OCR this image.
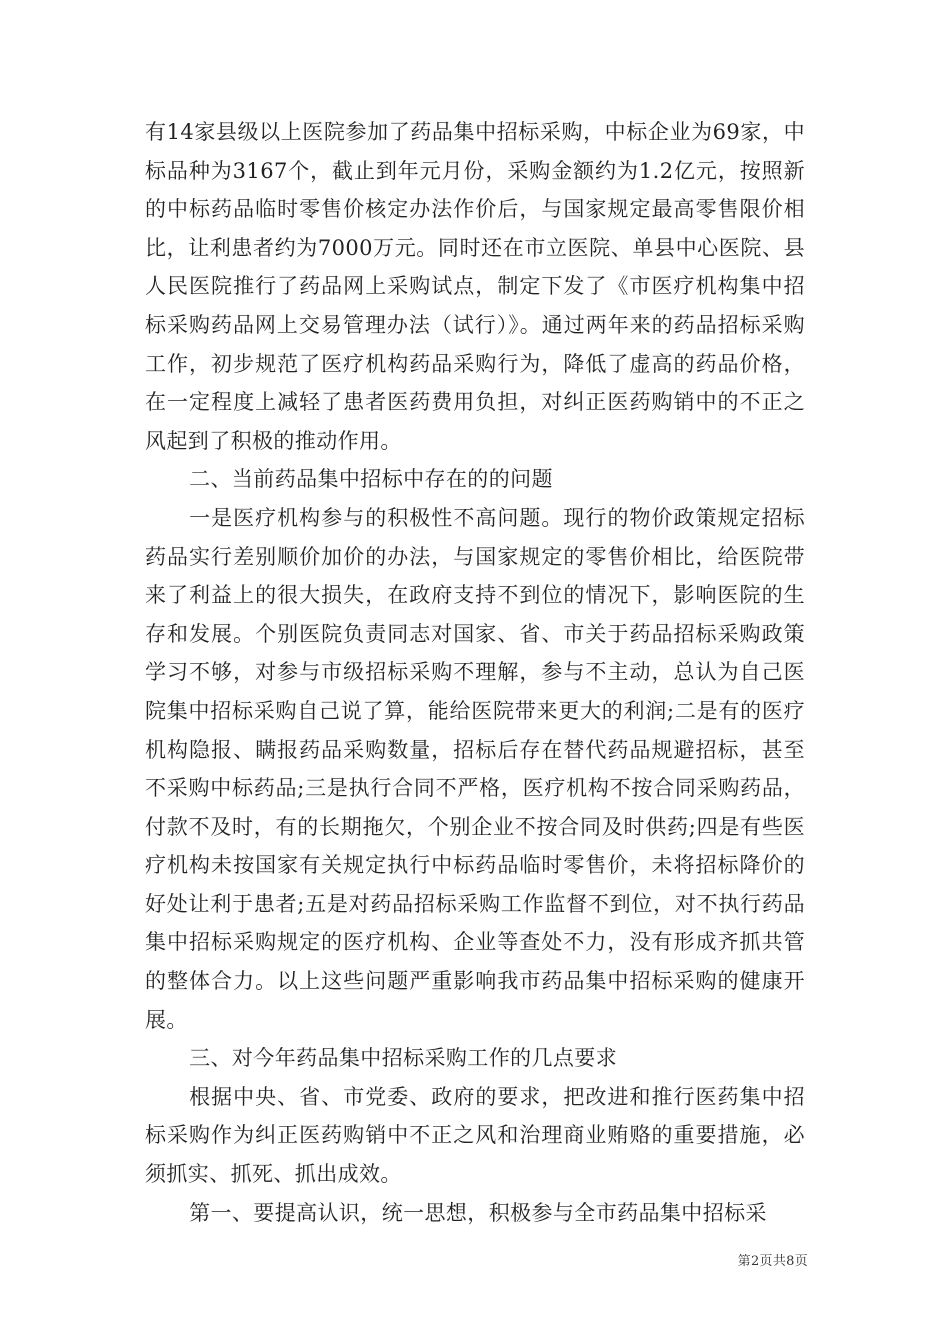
有14家县级以上医院参加了药品集中招标采购，中标企业为69家，中标品种为3167个，截止到年元月份，采购金额约为1.2亿元，按照新的中标药品临时零售价核定办法作价后，与国家规定最高零售限价相比，让利患者约为7000万元。同时还在市立医院、单县中心医院、县人民医院推行了药品网上采购试点，制定下发了《市医疗机构集中招标采购药品网上交易管理办法（试行）》。通过两年来的药品招标采购工作，初步规范了医疗机构药品采购行为，降低了虚高的药品价格，在一定程度上减轻了患者医药费用负担，对纠正医药购销中的不正之风起到了积极的推动作用。

二、当前药品集中招标中存在的的问题

一是医疗机构参与的积极性不高问题。现行的物价政策规定招标药品实行差别顺价加价的办法，与国家规定的零售价相比，给医院带来了利益上的很大损失，在政府支持不到位的情况下，影响医院的生存和发展。个别医院负责同志对国家、省、市关于药品招标采购政策学习不够，对参与市级招标采购不理解，参与不主动，总认为自己医院集中招标采购自己说了算，能给医院带来更大的利润;二是有的医疗机构隐报、瞒报药品采购数量，招标后存在替代药品规避招标，甚至不采购中标药品;三是执行合同不严格，医疗机构不按合同采购药品，付款不及时，有的长期拖欠，个别企业不按合同及时供药;四是有些医疗机构未按国家有关规定执行中标药品临时零售价，未将招标降价的好处让利于患者;五是对药品招标采购工作监督不到位，对不执行药品集中招标采购规定的医疗机构、企业等查处不力，没有形成齐抓共管的整体合力。以上这些问题严重影响我市药品集中招标采购的健康开展。

三、对今年药品集中招标采购工作的几点要求

根据中央、省、市党委、政府的要求，把改进和推行医药集中招标采购作为纠正医药购销中不正之风和治理商业贿赂的重要措施，必须抓实、抓死、抓出成效。

第一、要提高认识，统一思想，积极参与全市药品集中招标采

第2页共8页
